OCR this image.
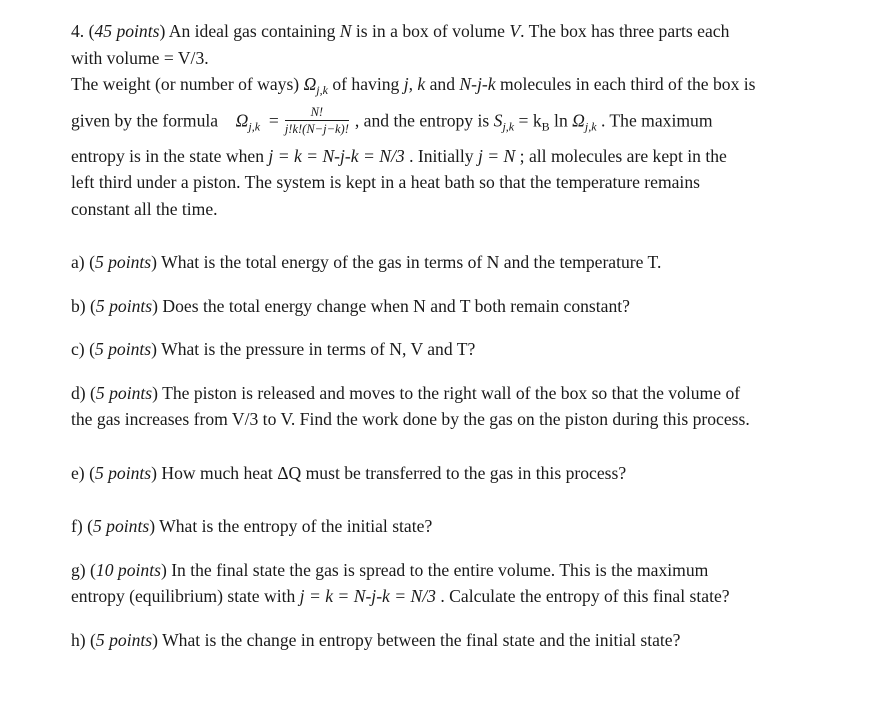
4. (45 points) An ideal gas containing N is in a box of volume V. The box has three parts each

with volume = V/3.

The weight (or number of ways) $\Omega_{j,k}$ of having j, k and N-j-k molecules in each third of the box is

given by the formula $\Omega_{j,k} = \frac{N!}{j!k!(N-j-k)!}$ , and the entropy is $S_{j,k} = k_B$ $\ln \Omega_{j,k}$ . The maximum

entropy is in the state when j = k = N-j-k = N/3 . Initially j = N ; all molecules are kept in the

left third under a piston. The system is kept in a heat bath so that the temperature remains

constant all the time.

a) (5 points) What is the total energy of the gas in terms of N and the temperature T.

b) (5 points) Does the total energy change when N and T both remain constant?

c) (5 points) What is the pressure in terms of N, V and T?

d) (5 points) The piston is released and moves to the right wall of the box so that the volume of
the gas increases from V/3 to V. Find the work done by the gas on the piston during this process.

e) (5 points) How much heat ΔQ must be transferred to the gas in this process?

f) (5 points) What is the entropy of the initial state?

g) (10 points) In the final state the gas is spread to the entire volume. This is the maximum
entropy (equilibrium) state with j = k = N-j-k = N/3 . Calculate the entropy of this final state?

h) (5 points) What is the change in entropy between the final state and the initial state?
